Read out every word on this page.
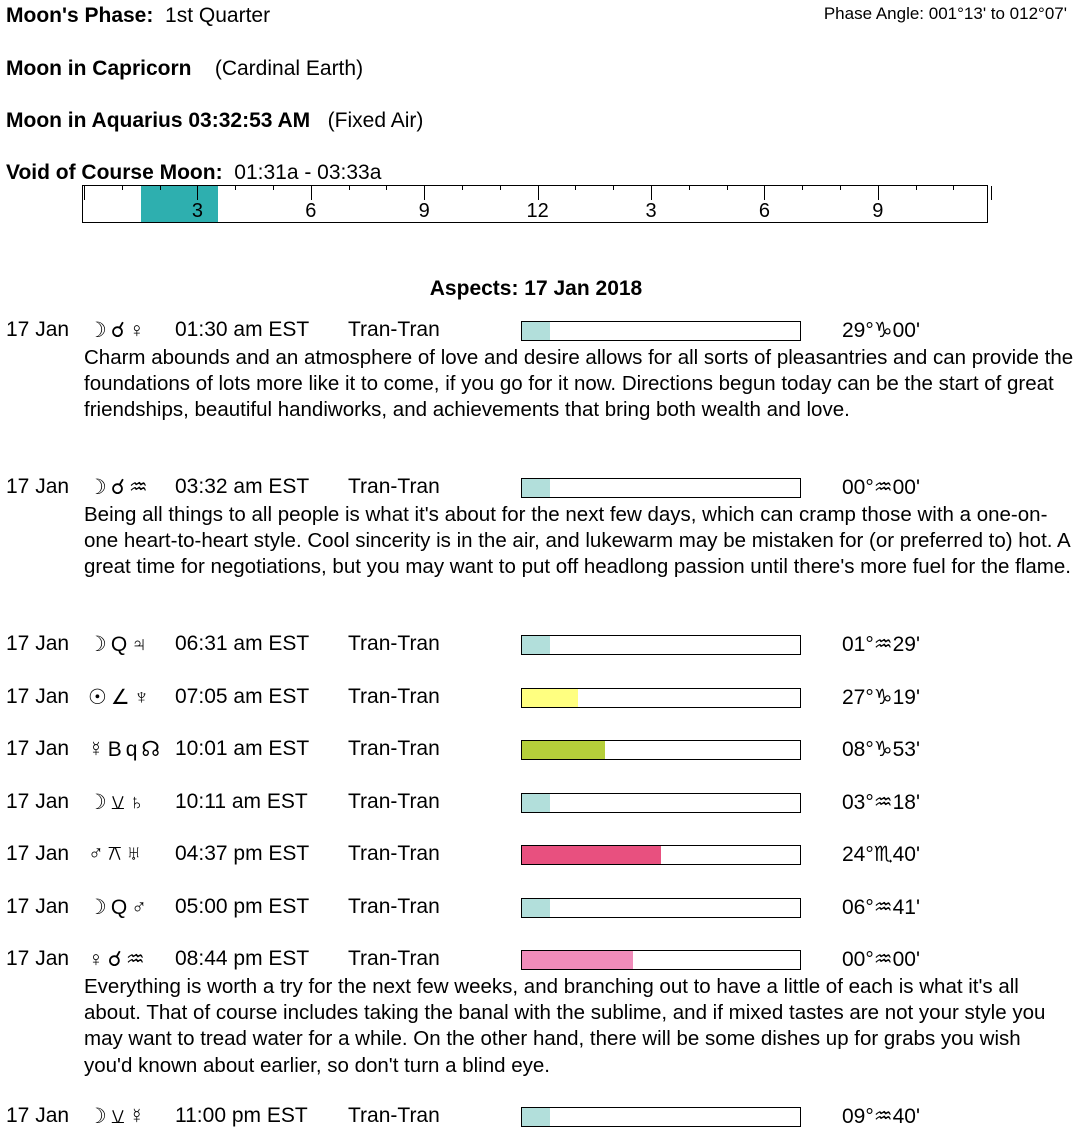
Moon's Phase: 1st Quarter	Phase Angle: 001°13' to 012°07'
Moon in Capricorn (Cardinal Earth)
Moon in Aquarius 03:32:53 AM (Fixed Air)
Void of Course Moon: 01:31a - 03:33a
3	6	9	12	3	6	9
Aspects: 17 Jan 2018
17 Jan ☽☌♀ 01:30 am EST Tran-Tran	29°♑00'
Charm abounds and an atmosphere of love and desire allows for all sorts of pleasantries and can provide the foundations of lots more like it to come, if you go for it now. Directions begun today can be the start of great friendships, beautiful handiworks, and achievements that bring both wealth and love.
17 Jan ☽☌♒ 03:32 am EST Tran-Tran	00°♒00'
Being all things to all people is what it's about for the next few days, which can cramp those with a one-on-one heart-to-heart style. Cool sincerity is in the air, and lukewarm may be mistaken for (or preferred to) hot. A great time for negotiations, but you may want to put off headlong passion until there's more fuel for the flame.
17 Jan ☽Q♃ 06:31 am EST Tran-Tran	01°♒29'
17 Jan ☉∠♆ 07:05 am EST Tran-Tran	27°♑19'
17 Jan ☿Bq☊ 10:01 am EST Tran-Tran	08°♑53'
17 Jan ☽⚺♄ 10:11 am EST Tran-Tran	03°♒18'
17 Jan ♂⚻♅ 04:37 pm EST Tran-Tran	24°♏40'
17 Jan ☽Q♂ 05:00 pm EST Tran-Tran	06°♒41'
17 Jan ♀☌♒ 08:44 pm EST Tran-Tran	00°♒00'
Everything is worth a try for the next few weeks, and branching out to have a little of each is what it's all about. That of course includes taking the banal with the sublime, and if mixed tastes are not your style you may want to tread water for a while. On the other hand, there will be some dishes up for grabs you wish you'd known about earlier, so don't turn a blind eye.
17 Jan ☽⚺☿ 11:00 pm EST Tran-Tran	09°♒40'
